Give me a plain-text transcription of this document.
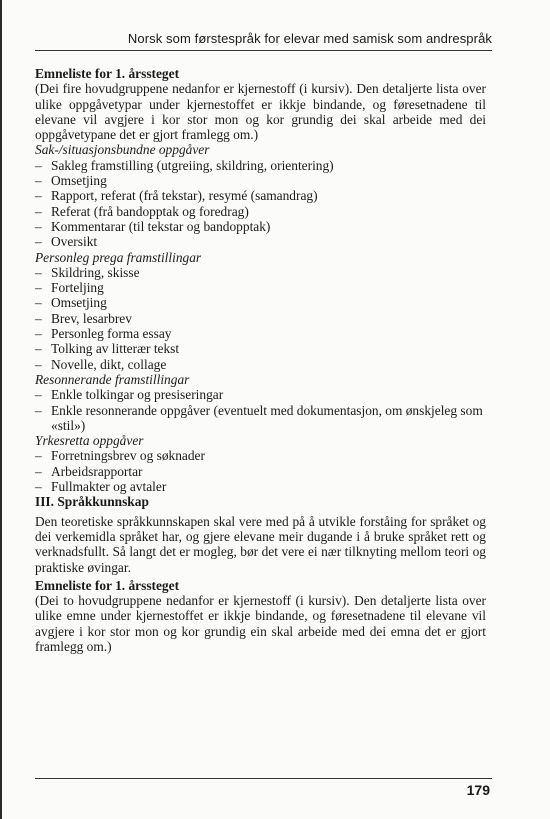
Norsk som førstespråk for elevar med samisk som andrespråk

Emneliste for 1. årssteget

(Dei fire hovudgruppene nedanfor er kjernestoff (i kursiv). Den detaljerte lista over ulike oppgåvetypar under kjernestoffet er ikkje bindande, og føresetnadene til elevane vil avgjere i kor stor mon og kor grundig dei skal arbeide med dei oppgåvetypane det er gjort framlegg om.)

Sak-/situasjonsbundne oppgåver

– Sakleg framstilling (utgreiing, skildring, orientering)
– Omsetjing
– Rapport, referat (frå tekstar), resymé (samandrag)
– Referat (frå bandopptak og foredrag)
– Kommentarar (til tekstar og bandopptak)
– Oversikt

Personleg prega framstillingar

– Skildring, skisse
– Forteljing
– Omsetjing
– Brev, lesarbrev
– Personleg forma essay
– Tolking av litterær tekst
– Novelle, dikt, collage

Resonnerande framstillingar

– Enkle tolkingar og presiseringar
– Enkle resonnerande oppgåver (eventuelt med dokumentasjon, om ønskjeleg som «stil»)

Yrkesretta oppgåver

– Forretningsbrev og søknader
– Arbeidsrapportar
– Fullmakter og avtaler

III. Språkkunnskap

Den teoretiske språkkunnskapen skal vere med på å utvikle forståing for språket og dei verkemidla språket har, og gjere elevane meir dugande i å bruke språket rett og verknadsfullt. Så langt det er mogleg, bør det vere ei nær tilknyting mellom teori og praktiske øvingar.

Emneliste for 1. årssteget

(Dei to hovudgruppene nedanfor er kjernestoff (i kursiv). Den detaljerte lista over ulike emne under kjernestoffet er ikkje bindande, og føresetnadene til elevane vil avgjere i kor stor mon og kor grundig ein skal arbeide med dei emna det er gjort framlegg om.)

179
